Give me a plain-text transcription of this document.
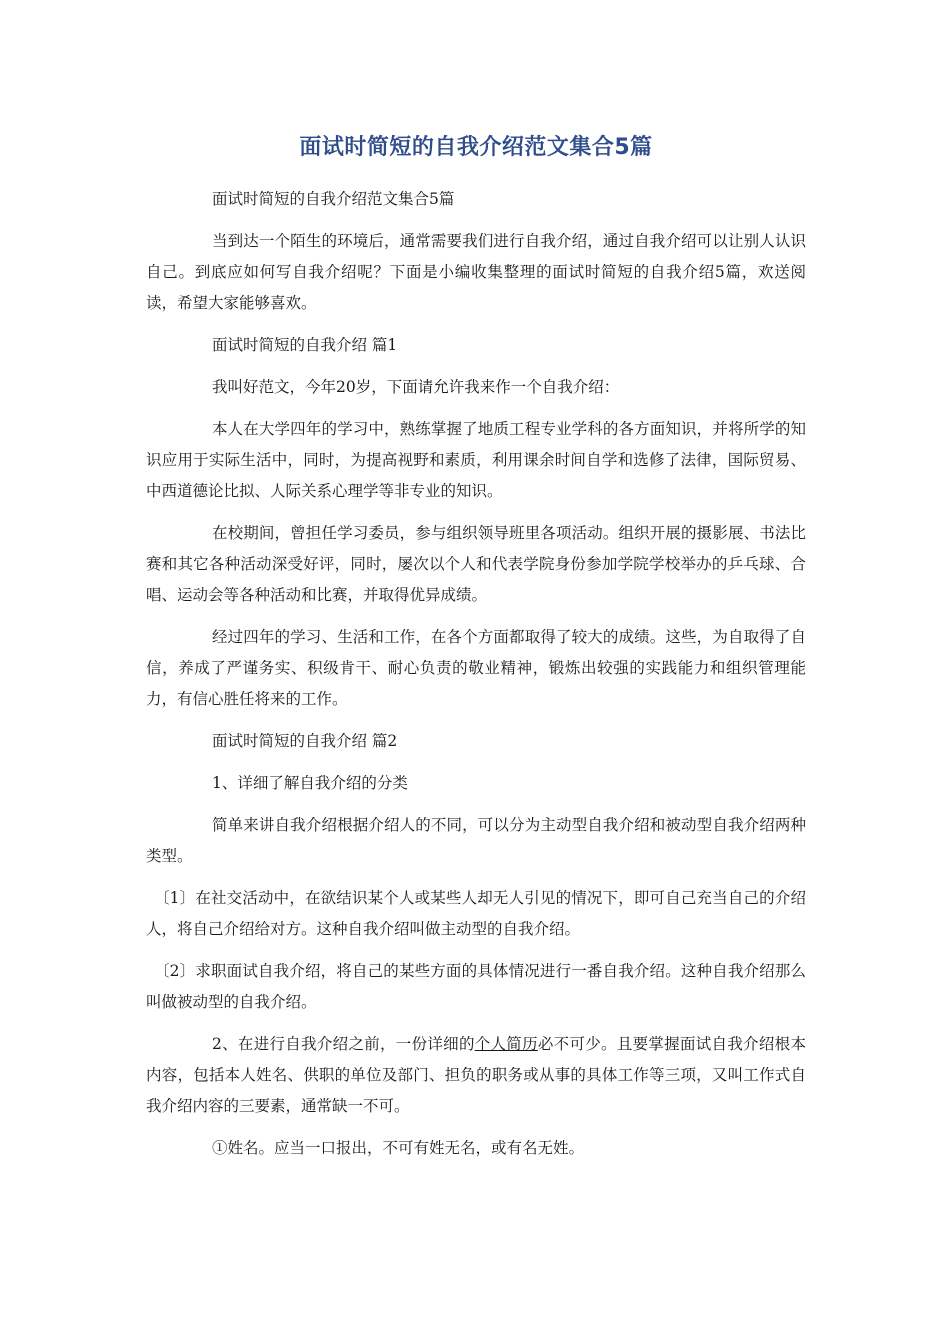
面试时简短的自我介绍范文集合5篇

面试时简短的自我介绍范文集合5篇

当到达一个陌生的环境后，通常需要我们进行自我介绍，通过自我介绍可以让别人认识自己。到底应如何写自我介绍呢？下面是小编收集整理的面试时简短的自我介绍5篇，欢送阅读，希望大家能够喜欢。

面试时简短的自我介绍 篇1

我叫好范文，今年20岁，下面请允许我来作一个自我介绍：

本人在大学四年的学习中，熟练掌握了地质工程专业学科的各方面知识，并将所学的知识应用于实际生活中，同时，为提高视野和素质，利用课余时间自学和选修了法律，国际贸易、中西道德论比拟、人际关系心理学等非专业的知识。

在校期间，曾担任学习委员，参与组织领导班里各项活动。组织开展的摄影展、书法比赛和其它各种活动深受好评，同时，屡次以个人和代表学院身份参加学院学校举办的乒乓球、合唱、运动会等各种活动和比赛，并取得优异成绩。

经过四年的学习、生活和工作，在各个方面都取得了较大的成绩。这些，为自取得了自信，养成了严谨务实、积级肯干、耐心负责的敬业精神，锻炼出较强的实践能力和组织管理能力，有信心胜任将来的工作。

面试时简短的自我介绍 篇2

1、详细了解自我介绍的分类

简单来讲自我介绍根据介绍人的不同，可以分为主动型自我介绍和被动型自我介绍两种类型。

〔1〕在社交活动中，在欲结识某个人或某些人却无人引见的情况下，即可自己充当自己的介绍人，将自己介绍给对方。这种自我介绍叫做主动型的自我介绍。

〔2〕求职面试自我介绍，将自己的某些方面的具体情况进行一番自我介绍。这种自我介绍那么叫做被动型的自我介绍。

2、在进行自我介绍之前，一份详细的个人简历必不可少。且要掌握面试自我介绍根本内容，包括本人姓名、供职的单位及部门、担负的职务或从事的具体工作等三项，又叫工作式自我介绍内容的三要素，通常缺一不可。

①姓名。应当一口报出，不可有姓无名，或有名无姓。
